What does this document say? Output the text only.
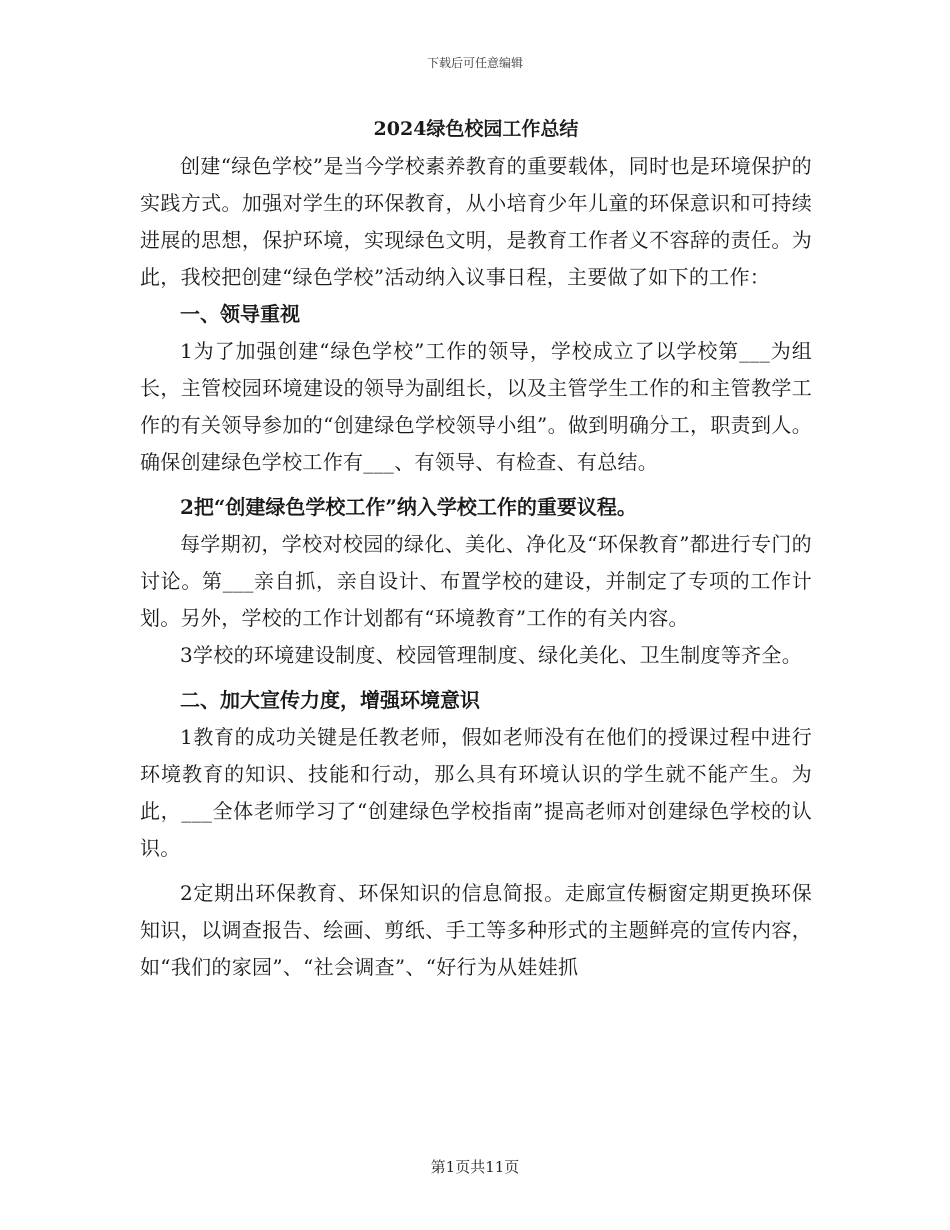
下载后可任意编辑
2024绿色校园工作总结

创建“绿色学校”是当今学校素养教育的重要载体，同时也是环境保护的实践方式。加强对学生的环保教育，从小培育少年儿童的环保意识和可持续进展的思想，保护环境，实现绿色文明，是教育工作者义不容辞的责任。为此，我校把创建“绿色学校”活动纳入议事日程，主要做了如下的工作：

一、领导重视

1为了加强创建“绿色学校”工作的领导，学校成立了以学校第___为组长，主管校园环境建设的领导为副组长，以及主管学生工作的和主管教学工作的有关领导参加的“创建绿色学校领导小组”。做到明确分工，职责到人。确保创建绿色学校工作有___、有领导、有检查、有总结。

2把“创建绿色学校工作”纳入学校工作的重要议程。

每学期初，学校对校园的绿化、美化、净化及“环保教育”都进行专门的讨论。第___亲自抓，亲自设计、布置学校的建设，并制定了专项的工作计划。另外，学校的工作计划都有“环境教育”工作的有关内容。

3学校的环境建设制度、校园管理制度、绿化美化、卫生制度等齐全。

二、加大宣传力度，增强环境意识

1教育的成功关键是任教老师，假如老师没有在他们的授课过程中进行环境教育的知识、技能和行动，那么具有环境认识的学生就不能产生。为此，___全体老师学习了“创建绿色学校指南”提高老师对创建绿色学校的认识。

2定期出环保教育、环保知识的信息简报。走廊宣传橱窗定期更换环保知识，以调查报告、绘画、剪纸、手工等多种形式的主题鲜亮的宣传内容，如“我们的家园”、“社会调查”、“好行为从娃娃抓

第1页共11页
